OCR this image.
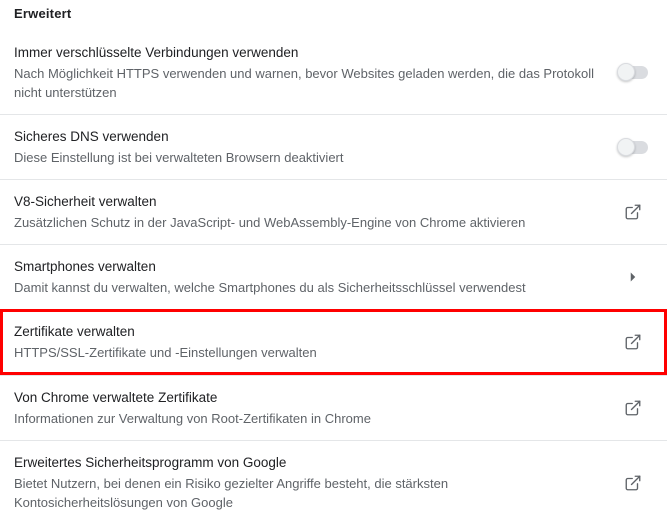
Erweitert
Immer verschlüsselte Verbindungen verwenden
Nach Möglichkeit HTTPS verwenden und warnen, bevor Websites geladen werden, die das Protokoll nicht unterstützen
Sicheres DNS verwenden
Diese Einstellung ist bei verwalteten Browsern deaktiviert
V8-Sicherheit verwalten
Zusätzlichen Schutz in der JavaScript- und WebAssembly-Engine von Chrome aktivieren
Smartphones verwalten
Damit kannst du verwalten, welche Smartphones du als Sicherheitsschlüssel verwendest
Zertifikate verwalten
HTTPS/SSL-Zertifikate und -Einstellungen verwalten
Von Chrome verwaltete Zertifikate
Informationen zur Verwaltung von Root-Zertifikaten in Chrome
Erweitertes Sicherheitsprogramm von Google
Bietet Nutzern, bei denen ein Risiko gezielter Angriffe besteht, die stärksten Kontosicherheitslösungen von Google
